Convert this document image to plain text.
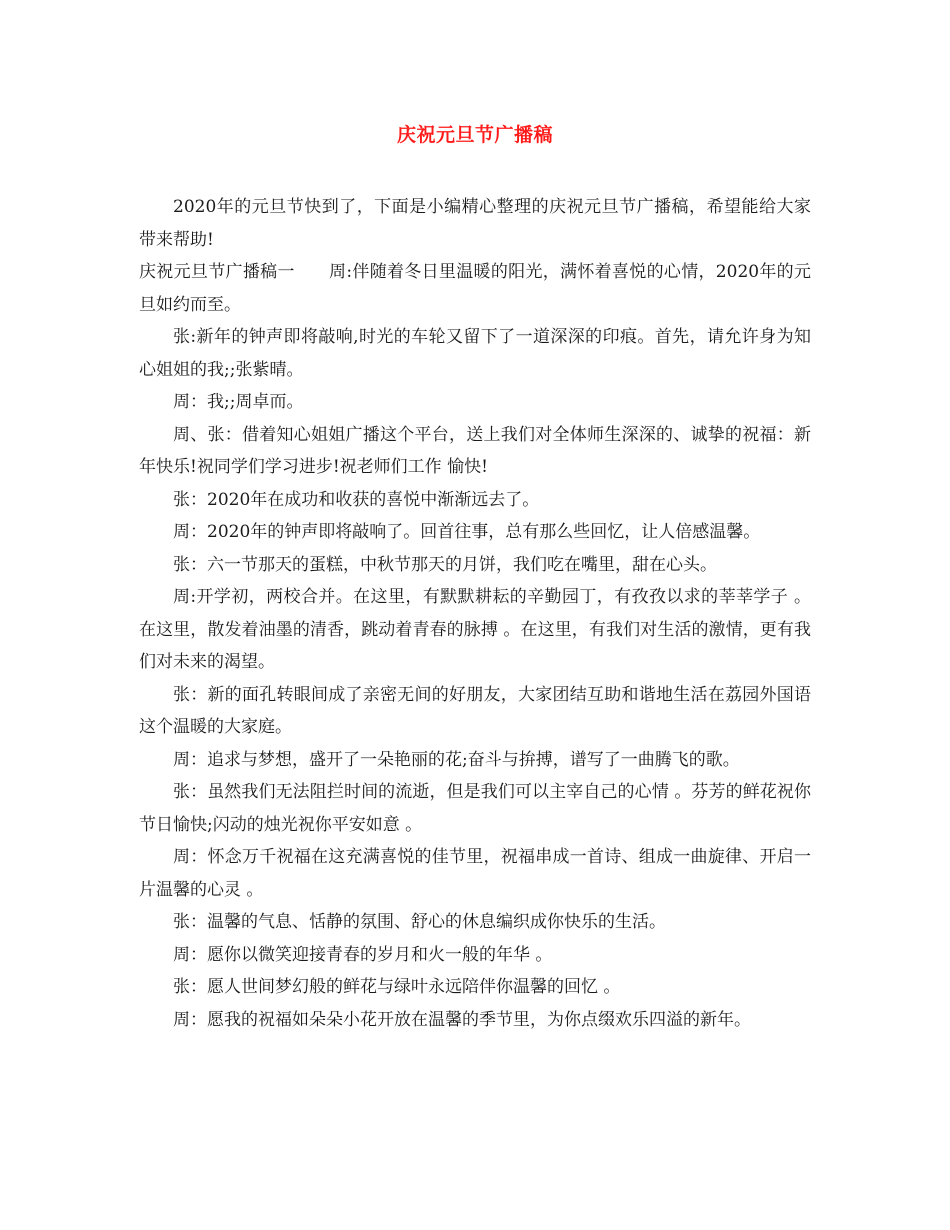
庆祝元旦节广播稿

2020年的元旦节快到了，下面是小编精心整理的庆祝元旦节广播稿，希望能给大家带来帮助!

庆祝元旦节广播稿一 周:伴随着冬日里温暖的阳光，满怀着喜悦的心情，2020年的元旦如约而至。

张:新年的钟声即将敲响,时光的车轮又留下了一道深深的印痕。首先，请允许身为知心姐姐的我;;张紫晴。

周：我;;周卓而。

周、张：借着知心姐姐广播这个平台，送上我们对全体师生深深的、诚挚的祝福：新年快乐!祝同学们学习进步!祝老师们工作 愉快!

张：2020年在成功和收获的喜悦中渐渐远去了。

周：2020年的钟声即将敲响了。回首往事，总有那么些回忆，让人倍感温馨。

张：六一节那天的蛋糕，中秋节那天的月饼，我们吃在嘴里，甜在心头。

周:开学初，两校合并。在这里，有默默耕耘的辛勤园丁，有孜孜以求的莘莘学子 。在这里，散发着油墨的清香，跳动着青春的脉搏 。在这里，有我们对生活的激情，更有我们对未来的渴望。

张：新的面孔转眼间成了亲密无间的好朋友，大家团结互助和谐地生活在荔园外国语这个温暖的大家庭。

周：追求与梦想，盛开了一朵艳丽的花;奋斗与拚搏，谱写了一曲腾飞的歌。

张：虽然我们无法阻拦时间的流逝，但是我们可以主宰自己的心情 。芬芳的鲜花祝你节日愉快;闪动的烛光祝你平安如意 。

周：怀念万千祝福在这充满喜悦的佳节里，祝福串成一首诗、组成一曲旋律、开启一片温馨的心灵 。

张：温馨的气息、恬静的氛围、舒心的休息编织成你快乐的生活。

周：愿你以微笑迎接青春的岁月和火一般的年华 。

张：愿人世间梦幻般的鲜花与绿叶永远陪伴你温馨的回忆 。

周：愿我的祝福如朵朵小花开放在温馨的季节里，为你点缀欢乐四溢的新年。
